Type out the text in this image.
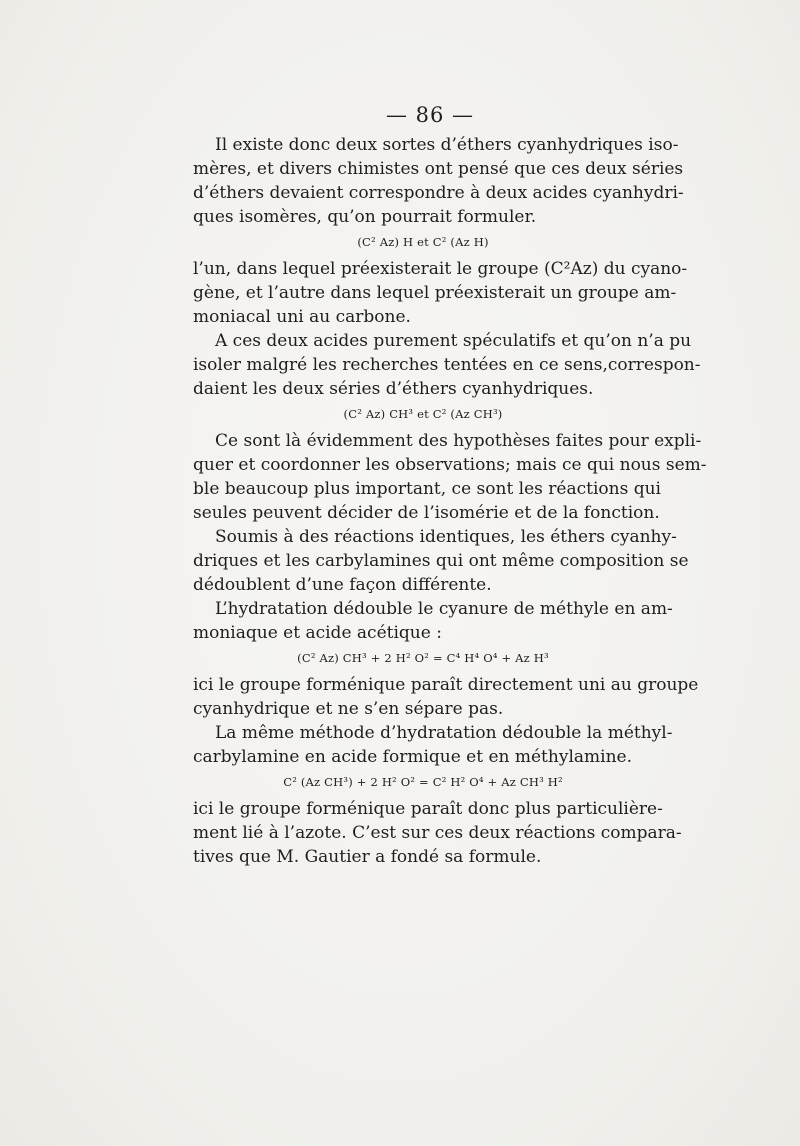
— 86 —

Il existe donc deux sortes d’éthers cyanhydriques iso-
mères, et divers chimistes ont pensé que ces deux séries
d’éthers devaient correspondre à deux acides cyanhydri-
ques isomères, qu’on pourrait formuler.

(C² Az) H et C² (Az H)

l’un, dans lequel préexisterait le groupe (C²Az) du cyano-
gène, et l’autre dans lequel préexisterait un groupe am-
moniacal uni au carbone.

A ces deux acides purement spéculatifs et qu’on n’a pu
isoler malgré les recherches tentées en ce sens,correspon-
daient les deux séries d’éthers cyanhydriques.

(C² Az) CH³ et C² (Az CH³)

Ce sont là évidemment des hypothèses faites pour expli-
quer et coordonner les observations; mais ce qui nous sem-
ble beaucoup plus important, ce sont les réactions qui
seules peuvent décider de l’isomérie et de la fonction.

Soumis à des réactions identiques, les éthers cyanhy-
driques et les carbylamines qui ont même composition se
dédoublent d’une façon différente.

L’hydratation dédouble le cyanure de méthyle en am-
moniaque et acide acétique :

(C² Az) CH³ + 2 H² O² = C⁴ H⁴ O⁴ + Az H³

ici le groupe forménique paraît directement uni au groupe
cyanhydrique et ne s’en sépare pas.

La même méthode d’hydratation dédouble la méthyl-
carbylamine en acide formique et en méthylamine.

C² (Az CH³) + 2 H² O² = C² H² O⁴ + Az CH³ H²

ici le groupe forménique paraît donc plus particulière-
ment lié à l’azote. C’est sur ces deux réactions compara-
tives que M. Gautier a fondé sa formule.
